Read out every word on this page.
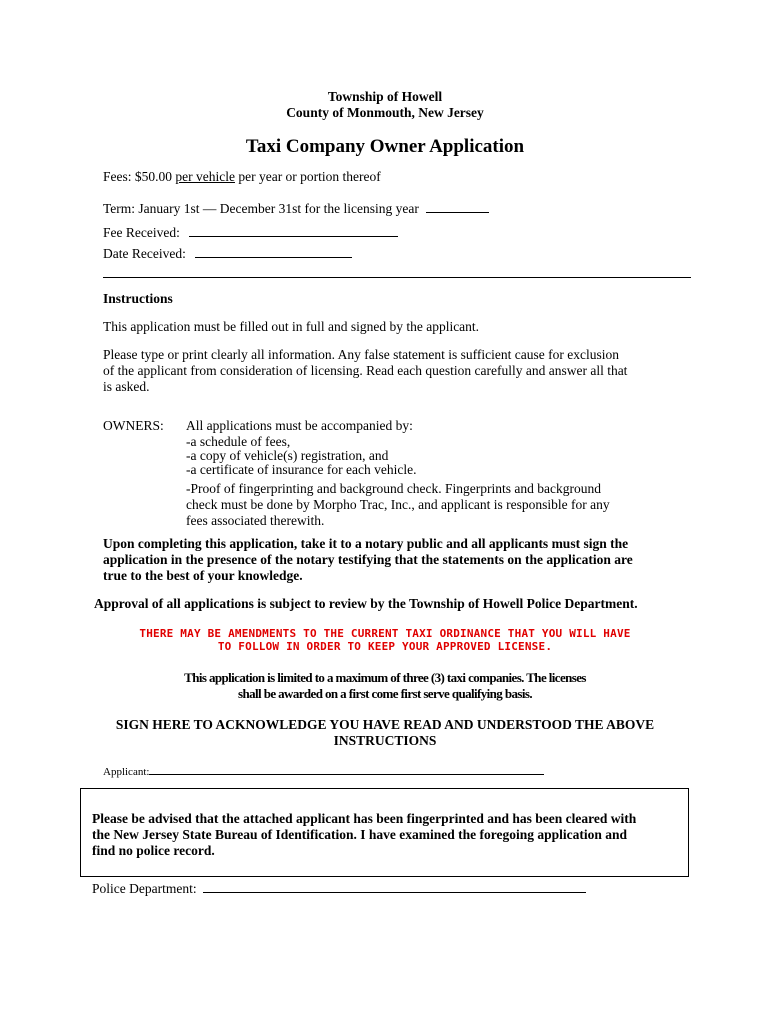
Township of Howell
County of Monmouth, New Jersey
Taxi Company Owner Application
Fees: $50.00 per vehicle per year or portion thereof
Term: January 1st — December 31st for the licensing year
Fee Received:
Date Received:
Instructions
This application must be filled out in full and signed by the applicant.
Please type or print clearly all information. Any false statement is sufficient cause for exclusion
of the applicant from consideration of licensing. Read each question carefully and answer all that
is asked.
OWNERS: All applications must be accompanied by:
-a schedule of fees,
-a copy of vehicle(s) registration, and
-a certificate of insurance for each vehicle.
-Proof of fingerprinting and background check. Fingerprints and background
check must be done by Morpho Trac, Inc., and applicant is responsible for any
fees associated therewith.
Upon completing this application, take it to a notary public and all applicants must sign the
application in the presence of the notary testifying that the statements on the application are
true to the best of your knowledge.
Approval of all applications is subject to review by the Township of Howell Police Department.
THERE MAY BE AMENDMENTS TO THE CURRENT TAXI ORDINANCE THAT YOU WILL HAVE
TO FOLLOW IN ORDER TO KEEP YOUR APPROVED LICENSE.
This application is limited to a maximum of three (3) taxi companies. The licenses
shall be awarded on a first come first serve qualifying basis.
SIGN HERE TO ACKNOWLEDGE YOU HAVE READ AND UNDERSTOOD THE ABOVE
INSTRUCTIONS
Applicant:
Please be advised that the attached applicant has been fingerprinted and has been cleared with
the New Jersey State Bureau of Identification. I have examined the foregoing application and
find no police record.
Police Department:
